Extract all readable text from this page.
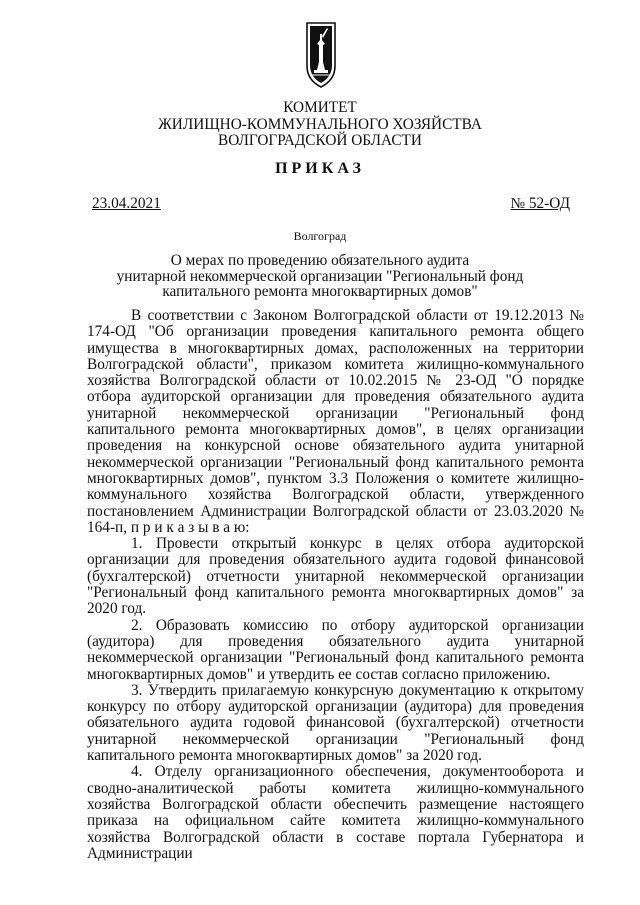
КОМИТЕТ
ЖИЛИЩНО-КОММУНАЛЬНОГО ХОЗЯЙСТВА
ВОЛГОГРАДСКОЙ ОБЛАСТИ
ПРИКАЗ
23.04.2021	№ 52-ОД
Волгоград
О мерах по проведению обязательного аудита
унитарной некоммерческой организации "Региональный фонд
капитального ремонта многоквартирных домов"

В соответствии с Законом Волгоградской области от 19.12.2013 № 174-ОД "Об организации проведения капитального ремонта общего имущества в многоквартирных домах, расположенных на территории Волгоградской области", приказом комитета жилищно-коммунального хозяйства Волгоградской области от 10.02.2015 № 23-ОД "О порядке отбора аудиторской организации для проведения обязательного аудита унитарной некоммерческой организации "Региональный фонд капитального ремонта многоквартирных домов", в целях организации проведения на конкурсной основе обязательного аудита унитарной некоммерческой организации "Региональный фонд капитального ремонта многоквартирных домов", пунктом 3.3 Положения о комитете жилищно-коммунального хозяйства Волгоградской области, утвержденного постановлением Администрации Волгоградской области от 23.03.2020 № 164-п, п р и к а з ы в а ю:

1. Провести открытый конкурс в целях отбора аудиторской организации для проведения обязательного аудита годовой финансовой (бухгалтерской) отчетности унитарной некоммерческой организации "Региональный фонд капитального ремонта многоквартирных домов" за 2020 год.

2. Образовать комиссию по отбору аудиторской организации (аудитора) для проведения обязательного аудита унитарной некоммерческой организации "Региональный фонд капитального ремонта многоквартирных домов" и утвердить ее состав согласно приложению.

3. Утвердить прилагаемую конкурсную документацию к открытому конкурсу по отбору аудиторской организации (аудитора) для проведения обязательного аудита годовой финансовой (бухгалтерской) отчетности унитарной некоммерческой организации "Региональный фонд капитального ремонта многоквартирных домов" за 2020 год.

4. Отделу организационного обеспечения, документооборота и сводно-аналитической работы комитета жилищно-коммунального хозяйства Волгоградской области обеспечить размещение настоящего приказа на официальном сайте комитета жилищно-коммунального хозяйства Волгоградской области в составе портала Губернатора и Администрации
